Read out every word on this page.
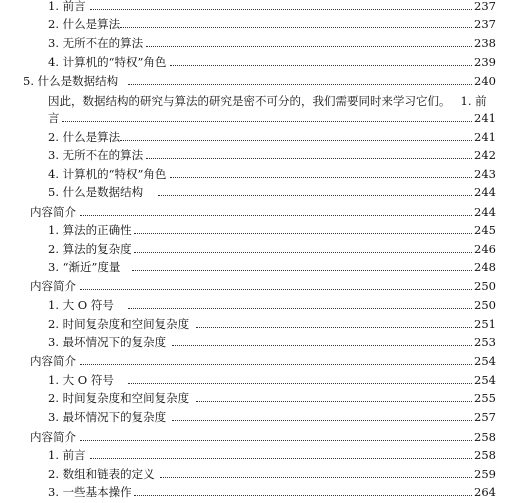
1. 前言	237
2. 什么是算法	237
3. 无所不在的算法	238
4. 计算机的“特权”角色	239
5. 什么是数据结构	240
因此，数据结构的研究与算法的研究是密不可分的，我们需要同时来学习它们。 1. 前
言	241
2. 什么是算法	241
3. 无所不在的算法	242
4. 计算机的“特权”角色	243
5. 什么是数据结构	244
内容简介	244
1. 算法的正确性	245
2. 算法的复杂度	246
3. “渐近”度量	248
内容简介	250
1. 大 O 符号	250
2. 时间复杂度和空间复杂度	251
3. 最坏情况下的复杂度	253
内容简介	254
1. 大 O 符号	254
2. 时间复杂度和空间复杂度	255
3. 最坏情况下的复杂度	257
内容简介	258
1. 前言	258
2. 数组和链表的定义	259
3. 一些基本操作	264
